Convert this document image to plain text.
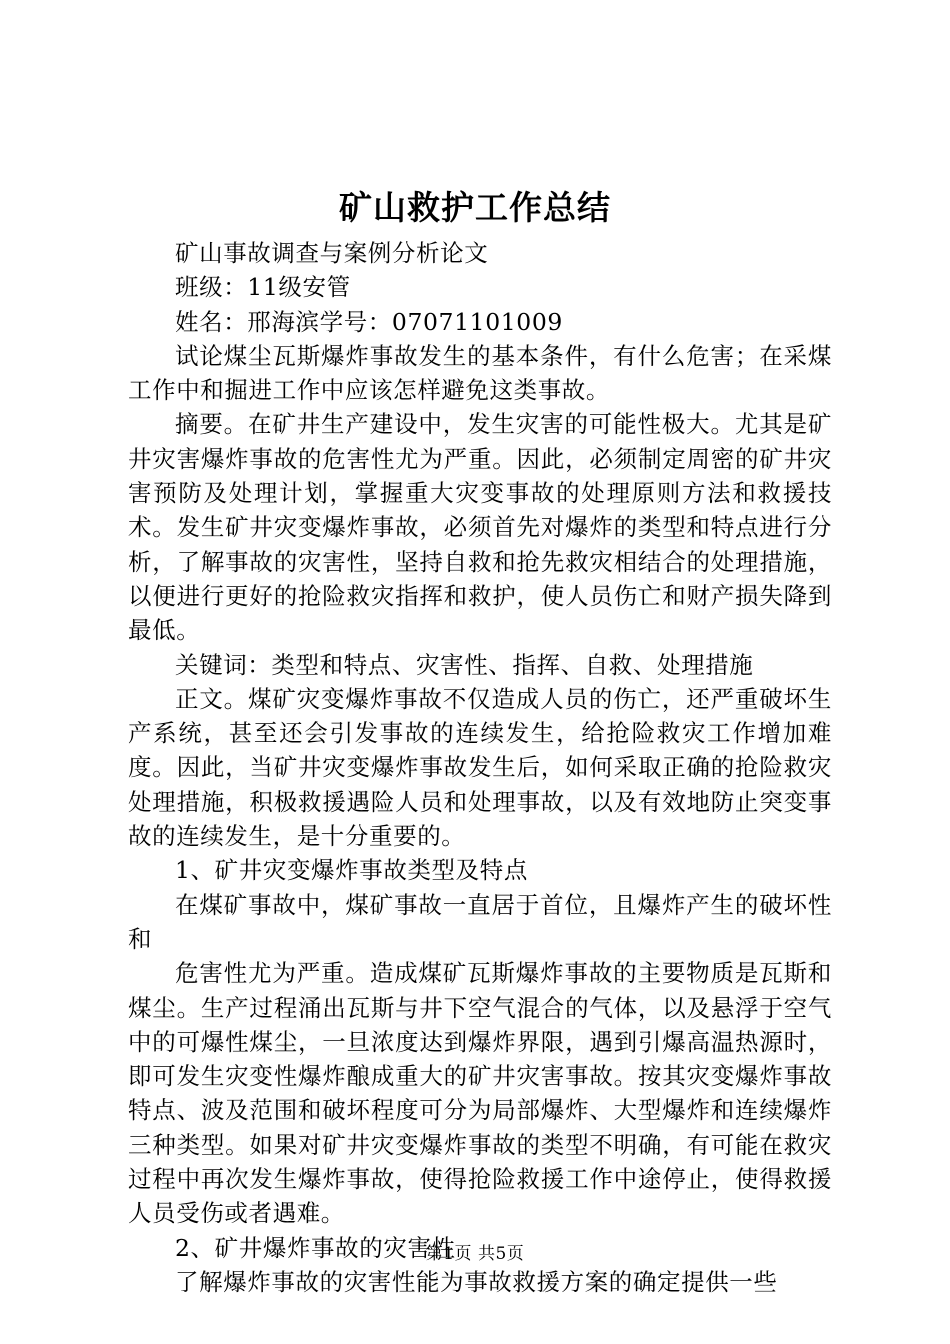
矿山救护工作总结

矿山事故调查与案例分析论文

班级：11级安管

姓名：邢海滨学号：07071101009

试论煤尘瓦斯爆炸事故发生的基本条件，有什么危害；在采煤工作中和掘进工作中应该怎样避免这类事故。

摘要。在矿井生产建设中，发生灾害的可能性极大。尤其是矿井灾害爆炸事故的危害性尤为严重。因此，必须制定周密的矿井灾害预防及处理计划，掌握重大灾变事故的处理原则方法和救援技术。发生矿井灾变爆炸事故，必须首先对爆炸的类型和特点进行分析，了解事故的灾害性，坚持自救和抢先救灾相结合的处理措施，以便进行更好的抢险救灾指挥和救护，使人员伤亡和财产损失降到最低。

关键词：类型和特点、灾害性、指挥、自救、处理措施

正文。煤矿灾变爆炸事故不仅造成人员的伤亡，还严重破坏生产系统，甚至还会引发事故的连续发生，给抢险救灾工作增加难度。因此，当矿井灾变爆炸事故发生后，如何采取正确的抢险救灾处理措施，积极救援遇险人员和处理事故，以及有效地防止突变事故的连续发生，是十分重要的。

1、矿井灾变爆炸事故类型及特点

在煤矿事故中，煤矿事故一直居于首位，且爆炸产生的破坏性和

危害性尤为严重。造成煤矿瓦斯爆炸事故的主要物质是瓦斯和煤尘。生产过程涌出瓦斯与井下空气混合的气体，以及悬浮于空气中的可爆性煤尘，一旦浓度达到爆炸界限，遇到引爆高温热源时，即可发生灾变性爆炸酿成重大的矿井灾害事故。按其灾变爆炸事故特点、波及范围和破坏程度可分为局部爆炸、大型爆炸和连续爆炸三种类型。如果对矿井灾变爆炸事故的类型不明确，有可能在救灾过程中再次发生爆炸事故，使得抢险救援工作中途停止，使得救援人员受伤或者遇难。

2、矿井爆炸事故的灾害性

了解爆炸事故的灾害性能为事故救援方案的确定提供一些

第1页 共5页
